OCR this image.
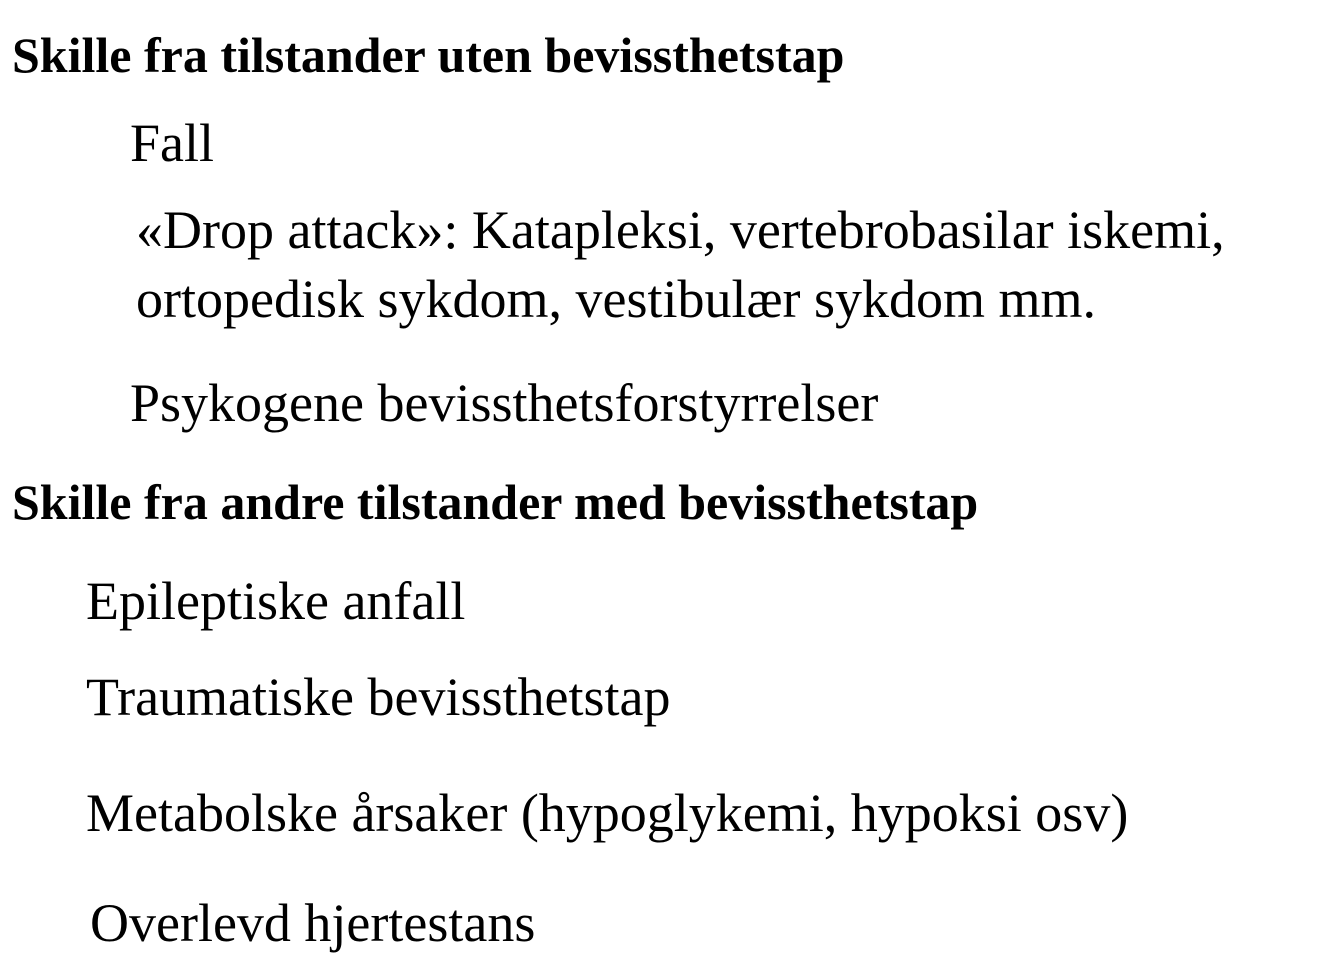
Skille fra tilstander uten bevissthetstap

Fall

«Drop attack»: Katapleksi, vertebrobasilar iskemi,

ortopedisk sykdom, vestibulær sykdom mm.

Psykogene bevissthetsforstyrrelser

Skille fra andre tilstander med bevissthetstap

Epileptiske anfall

Traumatiske bevissthetstap

Metabolske årsaker (hypoglykemi, hypoksi osv)

Overlevd hjertestans
